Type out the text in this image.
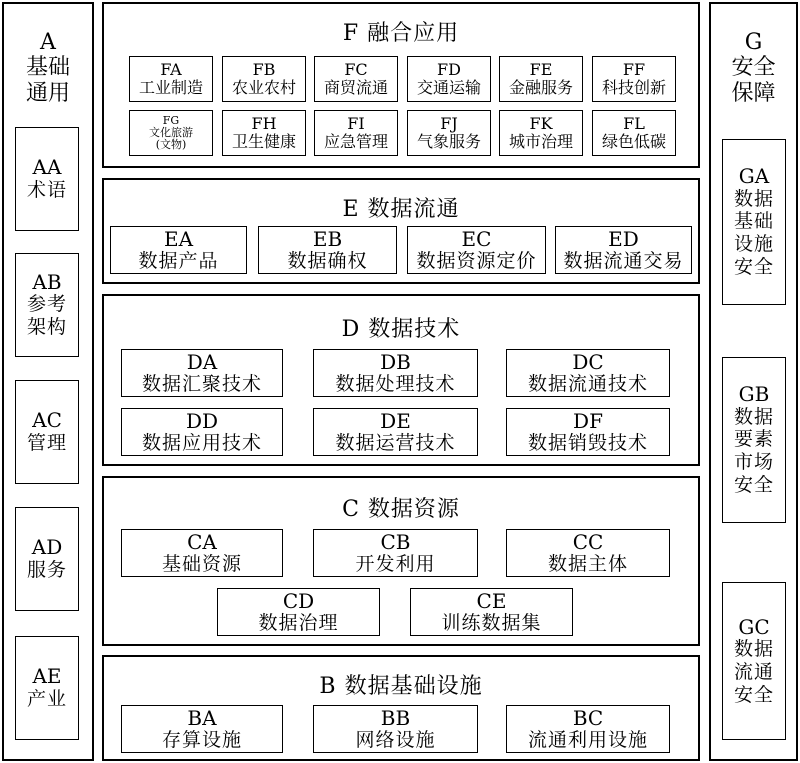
A
基础
通用
AA
术语
AB
参考
架构
AC
管理
AD
服务
AE
产业
G
安全
保障
GA
数据
基础
设施
安全
GB
数据
要素
市场
安全
GC
数据
流通
安全
F 融合应用
FA
工业制造
FB
农业农村
FC
商贸流通
FD
交通运输
FE
金融服务
FF
科技创新
FG
文化旅游
(文物)
FH
卫生健康
FI
应急管理
FJ
气象服务
FK
城市治理
FL
绿色低碳
E 数据流通
EA
数据产品
EB
数据确权
EC
数据资源定价
ED
数据流通交易
D 数据技术
DA
数据汇聚技术
DB
数据处理技术
DC
数据流通技术
DD
数据应用技术
DE
数据运营技术
DF
数据销毁技术
C 数据资源
CA
基础资源
CB
开发利用
CC
数据主体
CD
数据治理
CE
训练数据集
B 数据基础设施
BA
存算设施
BB
网络设施
BC
流通利用设施
